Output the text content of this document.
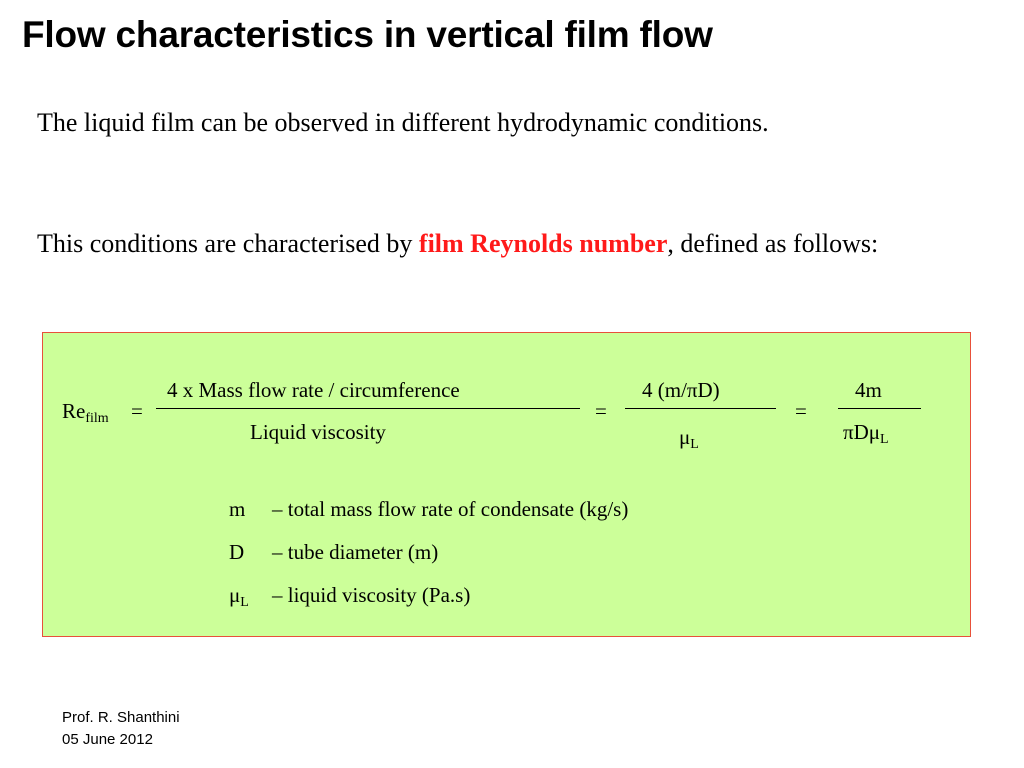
Flow characteristics in vertical film flow
The liquid film can be observed in different hydrodynamic conditions.
This conditions are characterised by film Reynolds number, defined as follows:
$Re_{film}$ =
4 x Mass flow rate / circumference
Liquid viscosity
=
4 (m/πD)
$\mu_L$
=
4m
πDμ$_L$
m – total mass flow rate of condensate (kg/s)
D – tube diameter (m)
$\mu_L$ – liquid viscosity (Pa.s)
Prof. R. Shanthini
05 June 2012
